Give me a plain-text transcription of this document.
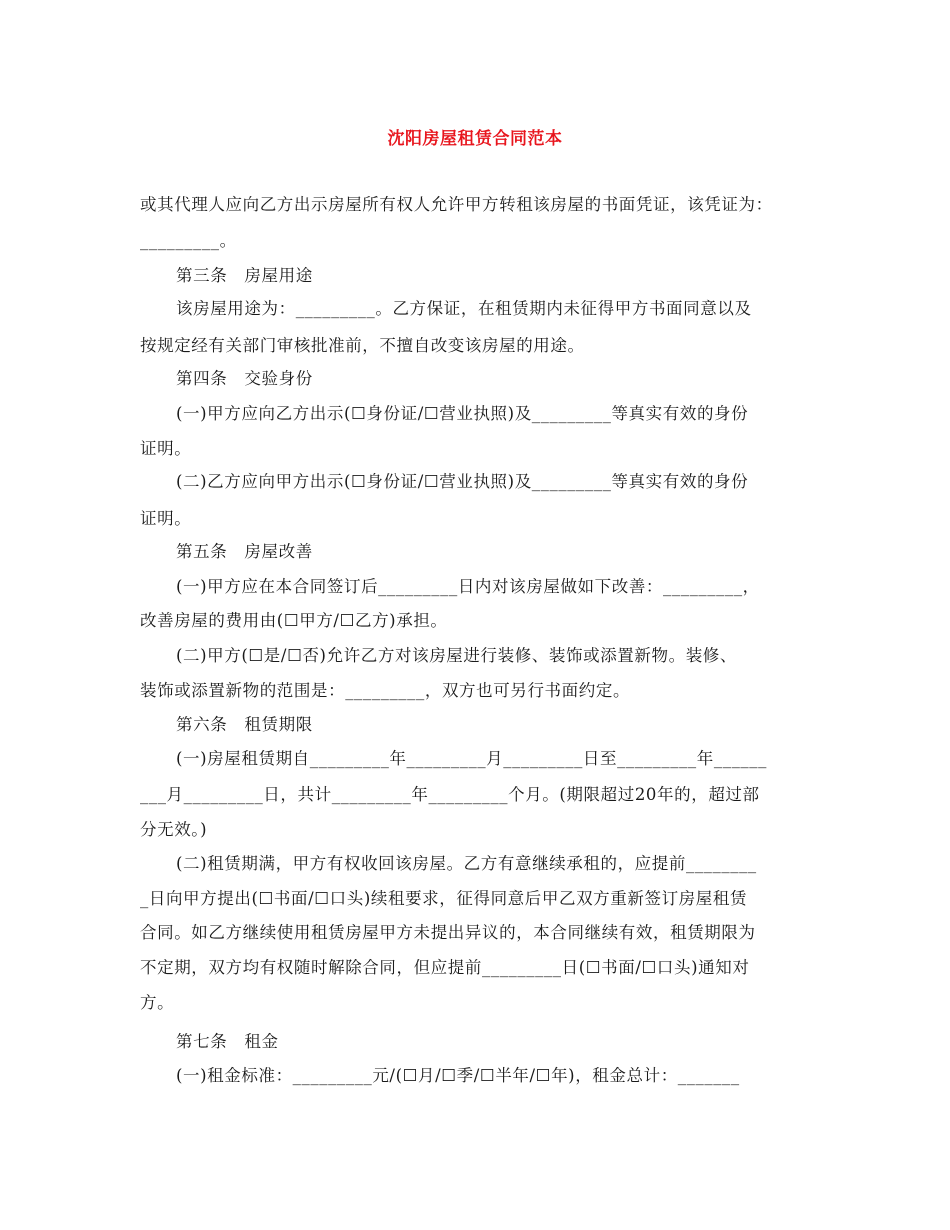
沈阳房屋租赁合同范本
或其代理人应向乙方出示房屋所有权人允许甲方转租该房屋的书面凭证，该凭证为：
_________。
第三条　房屋用途
该房屋用途为：_________。乙方保证，在租赁期内未征得甲方书面同意以及
按规定经有关部门审核批准前，不擅自改变该房屋的用途。
第四条　交验身份
(一)甲方应向乙方出示(☐身份证/☐营业执照)及_________等真实有效的身份
证明。
(二)乙方应向甲方出示(☐身份证/☐营业执照)及_________等真实有效的身份
证明。
第五条　房屋改善
(一)甲方应在本合同签订后_________日内对该房屋做如下改善：_________，
改善房屋的费用由(☐甲方/☐乙方)承担。
(二)甲方(☐是/☐否)允许乙方对该房屋进行装修、装饰或添置新物。装修、
装饰或添置新物的范围是：_________，双方也可另行书面约定。
第六条　租赁期限
(一)房屋租赁期自_________年_________月_________日至_________年______
___月_________日，共计_________年_________个月。(期限超过20年的，超过部
分无效。)
(二)租赁期满，甲方有权收回该房屋。乙方有意继续承租的，应提前________
_日向甲方提出(☐书面/☐口头)续租要求，征得同意后甲乙双方重新签订房屋租赁
合同。如乙方继续使用租赁房屋甲方未提出异议的，本合同继续有效，租赁期限为
不定期，双方均有权随时解除合同，但应提前_________日(☐书面/☐口头)通知对
方。
第七条　租金
(一)租金标准：_________元/(☐月/☐季/☐半年/☐年)，租金总计：_______
